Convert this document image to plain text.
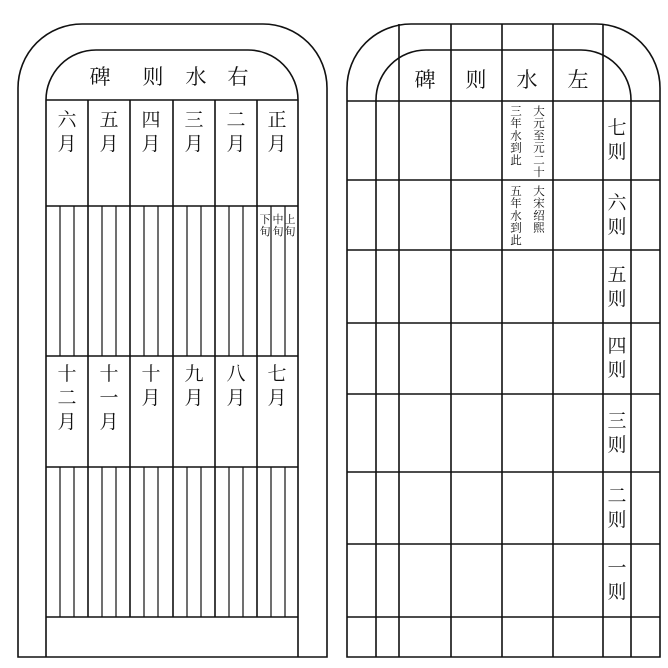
碑 则 水 右
正月
二月
三月
四月
五月
六月
七月
八月
九月
十月
十一月
十二月
上旬
中旬
下旬
碑 则 水 左
七则
六则
五则
四则
三则
二则
一则
大元至元二十
三年水到此
大宋绍熙
五年水到此
